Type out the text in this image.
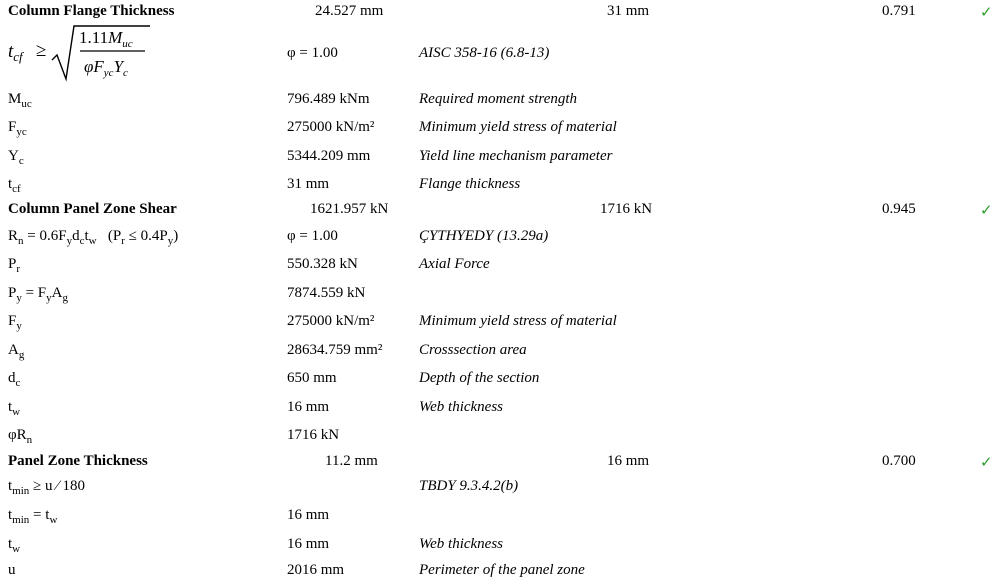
Column Flange Thickness	24.527 mm	31 mm	0.791	✓
$t_{cf}$ ≥
$1.11M_{uc}$
$\varphi F_{yc}Y_c$
φ = 1.00	AISC 358-16 (6.8-13)
$M_{uc}$	796.489 kNm	Required moment strength
$F_{yc}$	275000 kN/m²	Minimum yield stress of material
$Y_c$	5344.209 mm	Yield line mechanism parameter
$t_{cf}$	31 mm	Flange thickness
Column Panel Zone Shear	1621.957 kN	1716 kN	0.945	✓
$R_n = 0.6F_yd_ct_w$ $(P_r \le 0.4P_y)$	φ = 1.00	ÇYTHYEDY (13.29a)
$P_r$	550.328 kN	Axial Force
$P_y = F_yA_g$	7874.559 kN
$F_y$	275000 kN/m²	Minimum yield stress of material
$A_g$	28634.759 mm² Crosssection area
$d_c$	650 mm	Depth of the section
$t_w$	16 mm	Web thickness
$\varphi R_n$	1716 kN
Panel Zone Thickness	11.2 mm	16 mm	0.700	✓
$t_{min} \ge u$ ⁄ 180	TBDY 9.3.4.2(b)
$t_{min} = t_w$	16 mm
$t_w$	16 mm	Web thickness
u	2016 mm	Perimeter of the panel zone
